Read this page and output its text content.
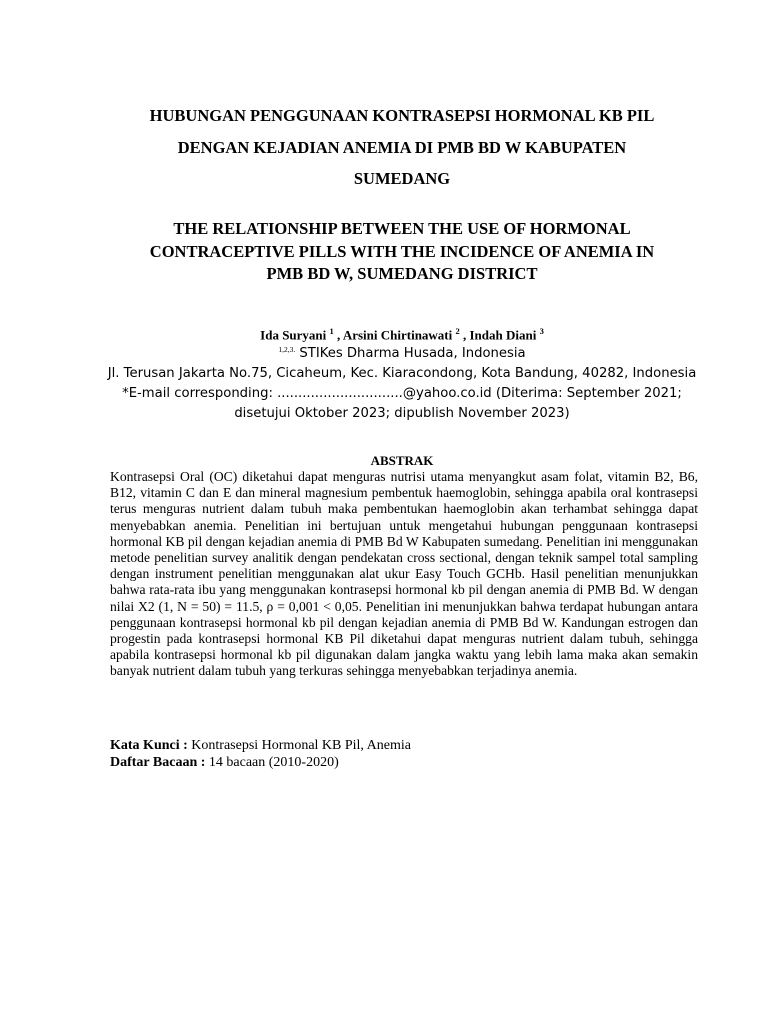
HUBUNGAN PENGGUNAAN KONTRASEPSI HORMONAL KB PIL
DENGAN KEJADIAN ANEMIA DI PMB BD W KABUPATEN
SUMEDANG
THE RELATIONSHIP BETWEEN THE USE OF HORMONAL
CONTRACEPTIVE PILLS WITH THE INCIDENCE OF ANEMIA IN
PMB BD W, SUMEDANG DISTRICT
Ida Suryani $^1$ , Arsini Chirtinawati $^2$ , Indah Diani $^3$
$^{1,2,3.}$ STIKes Dharma Husada, Indonesia
Jl. Terusan Jakarta No.75, Cicaheum, Kec. Kiaracondong, Kota Bandung, 40282, Indonesia
*E-mail corresponding: ..............................@yahoo.co.id (Diterima: September 2021;
disetujui Oktober 2023; dipublish November 2023)
ABSTRAK
Kontrasepsi Oral (OC) diketahui dapat menguras nutrisi utama menyangkut asam folat, vitamin B2, B6, B12, vitamin C dan E dan mineral magnesium pembentuk haemoglobin, sehingga apabila oral kontrasepsi terus menguras nutrient dalam tubuh maka pembentukan haemoglobin akan terhambat sehingga dapat menyebabkan anemia. Penelitian ini bertujuan untuk mengetahui hubungan penggunaan kontrasepsi hormonal KB pil dengan kejadian anemia di PMB Bd W Kabupaten sumedang. Penelitian ini menggunakan metode penelitian survey analitik dengan pendekatan cross sectional, dengan teknik sampel total sampling dengan instrument penelitian menggunakan alat ukur Easy Touch GCHb. Hasil penelitian menunjukkan bahwa rata-rata ibu yang menggunakan kontrasepsi hormonal kb pil dengan anemia di PMB Bd. W dengan nilai X2 (1, N = 50) = 11.5, ρ = 0,001 < 0,05. Penelitian ini menunjukkan bahwa terdapat hubungan antara penggunaan kontrasepsi hormonal kb pil dengan kejadian anemia di PMB Bd W. Kandungan estrogen dan progestin pada kontrasepsi hormonal KB Pil diketahui dapat menguras nutrient dalam tubuh, sehingga apabila kontrasepsi hormonal kb pil digunakan dalam jangka waktu yang lebih lama maka akan semakin banyak nutrient dalam tubuh yang terkuras sehingga menyebabkan terjadinya anemia.
Kata Kunci : Kontrasepsi Hormonal KB Pil, Anemia
Daftar Bacaan : 14 bacaan (2010-2020)
